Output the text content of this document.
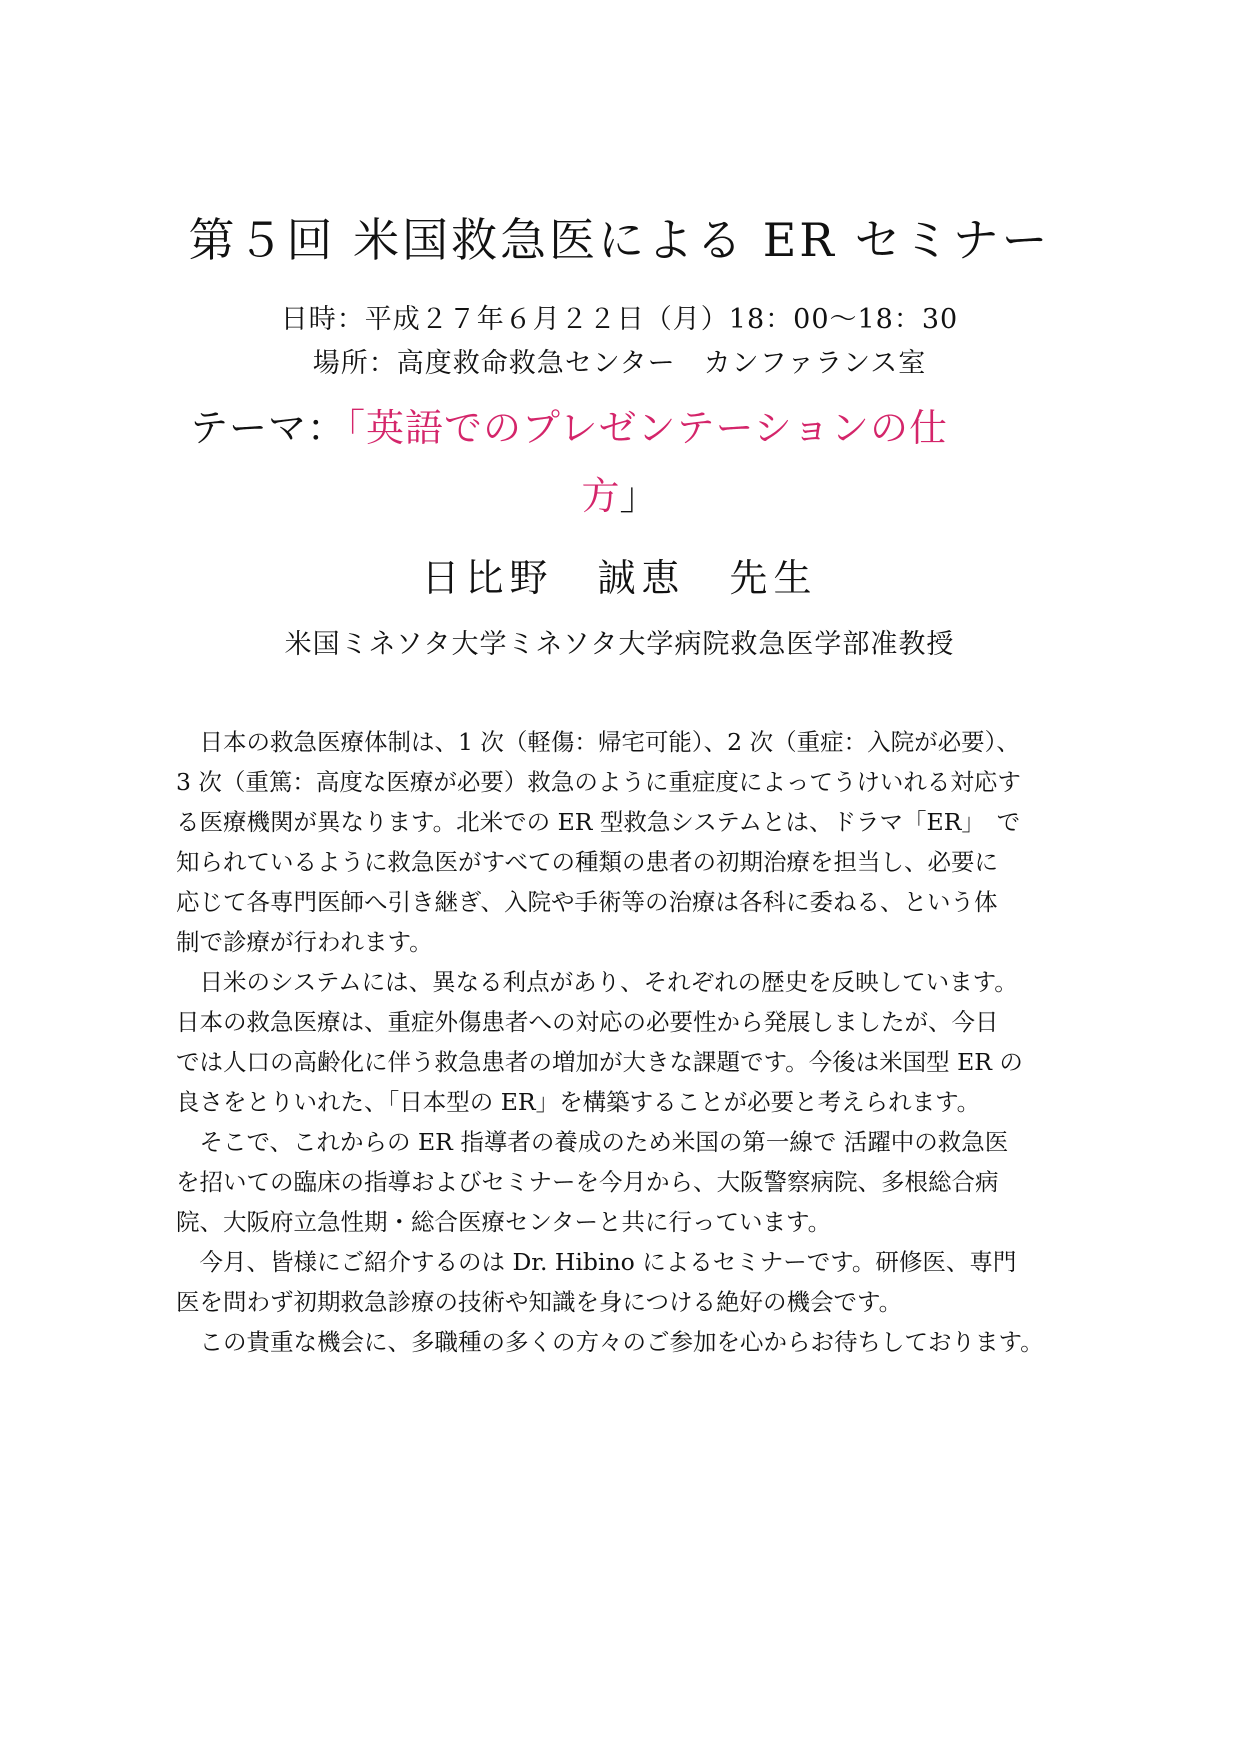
第５回 米国救急医による ER セミナー
日時：平成２７年６月２２日（月）18：00～18：30
場所：高度救命救急センター　カンファランス室
テーマ：「英語でのプレゼンテーションの仕
方」
日比野　誠恵　先生
米国ミネソタ大学ミネソタ大学病院救急医学部准教授
　日本の救急医療体制は、1 次（軽傷：帰宅可能）、2 次（重症：入院が必要）、
3 次（重篤：高度な医療が必要）救急のように重症度によってうけいれる対応す
る医療機関が異なります。北米での ER 型救急システムとは、ドラマ「ER」　で
知られているように救急医がすべての種類の患者の初期治療を担当し、必要に
応じて各専門医師へ引き継ぎ、入院や手術等の治療は各科に委ねる、という体
制で診療が行われます。
　日米のシステムには、異なる利点があり、それぞれの歴史を反映しています。
日本の救急医療は、重症外傷患者への対応の必要性から発展しましたが、今日
では人口の高齢化に伴う救急患者の増加が大きな課題です。今後は米国型 ER の
良さをとりいれた、「日本型の ER」を構築することが必要と考えられます。
　そこで、これからの ER 指導者の養成のため米国の第一線で 活躍中の救急医
を招いての臨床の指導およびセミナーを今月から、大阪警察病院、多根総合病
院、大阪府立急性期・総合医療センターと共に行っています。
　今月、皆様にご紹介するのは Dr. Hibino によるセミナーです。研修医、専門
医を問わず初期救急診療の技術や知識を身につける絶好の機会です。
　この貴重な機会に、多職種の多くの方々のご参加を心からお待ちしております。
